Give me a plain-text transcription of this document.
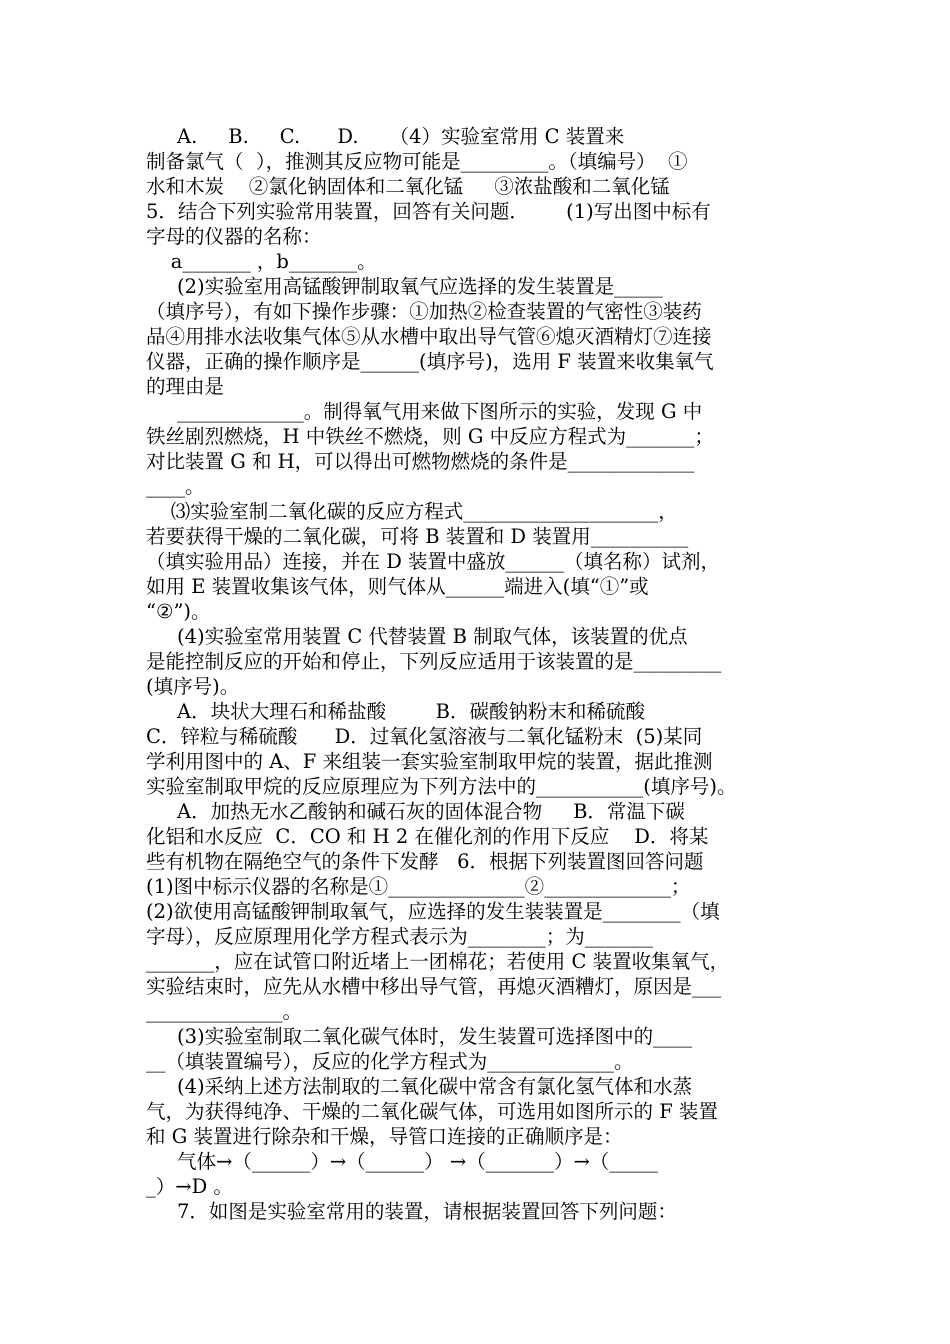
A.     B.     C.      D.     （4）实验室常用 C 装置来
制备氯气（  ），推测其反应物可能是_________。（填编号）  ①
水和木炭    ②氯化钠固体和二氧化锰     ③浓盐酸和二氧化锰
5．结合下列实验常用装置，回答有关问题．      (1)写出图中标有
字母的仪器的名称：
a_______ ，b_______。
(2)实验室用高锰酸钾制取氧气应选择的发生装置是_____
（填序号），有如下操作步骤：①加热②检查装置的气密性③装药
品④用排水法收集气体⑤从水槽中取出导气管⑥熄灭酒精灯⑦连接
仪器，正确的操作顺序是______(填序号)，选用 F 装置来收集氧气
的理由是
_____________。制得氧气用来做下图所示的实验，发现 G 中
铁丝剧烈燃烧，H 中铁丝不燃烧，则 G 中反应方程式为_______；
对比装置 G 和 H，可以得出可燃物燃烧的条件是_____________
____。
⑶实验室制二氧化碳的反应方程式____________________，
若要获得干燥的二氧化碳，可将 B 装置和 D 装置用__________
（填实验用品）连接，并在 D 装置中盛放______（填名称）试剂，
如用 E 装置收集该气体，则气体从______端进入(填“①”或
“②”)。
(4)实验室常用装置 C 代替装置 B 制取气体，该装置的优点
是能控制反应的开始和停止，下列反应适用于该装置的是_________
(填序号)。
A．块状大理石和稀盐酸        B．碳酸钠粉末和稀硫酸
C．锌粒与稀硫酸      D．过氧化氢溶液与二氧化锰粉末  (5)某同
学利用图中的 A、F 来组装一套实验室制取甲烷的装置，据此推测
实验室制取甲烷的反应原理应为下列方法中的___________(填序号)。
A．加热无水乙酸钠和碱石灰的固体混合物     B．常温下碳
化铝和水反应  C．CO 和 H 2 在催化剂的作用下反应    D．将某
些有机物在隔绝空气的条件下发酵   6．根据下列装置图回答问题
(1)图中标示仪器的名称是①______________②_____________；
(2)欲使用高锰酸钾制取氧气，应选择的发生装装置是________（填
字母），反应原理用化学方程式表示为________；为_______
_______，应在试管口附近堵上一团棉花；若使用 C 装置收集氧气，
实验结束时，应先从水槽中移出导气管，再熄灭酒糟灯，原因是___
______________。
(3)实验室制取二氧化碳气体时，发生装置可选择图中的____
__（填装置编号），反应的化学方程式为_____________。
(4)采纳上述方法制取的二氧化碳中常含有氯化氢气体和水蒸
气，为获得纯净、干燥的二氧化碳气体，可选用如图所示的 F 装置
和 G 装置进行除杂和干燥，导管口连接的正确顺序是：
气体→（______）→（______） →（_______）→（_____
_）→D 。
7．如图是实验室常用的装置，请根据装置回答下列问题：
